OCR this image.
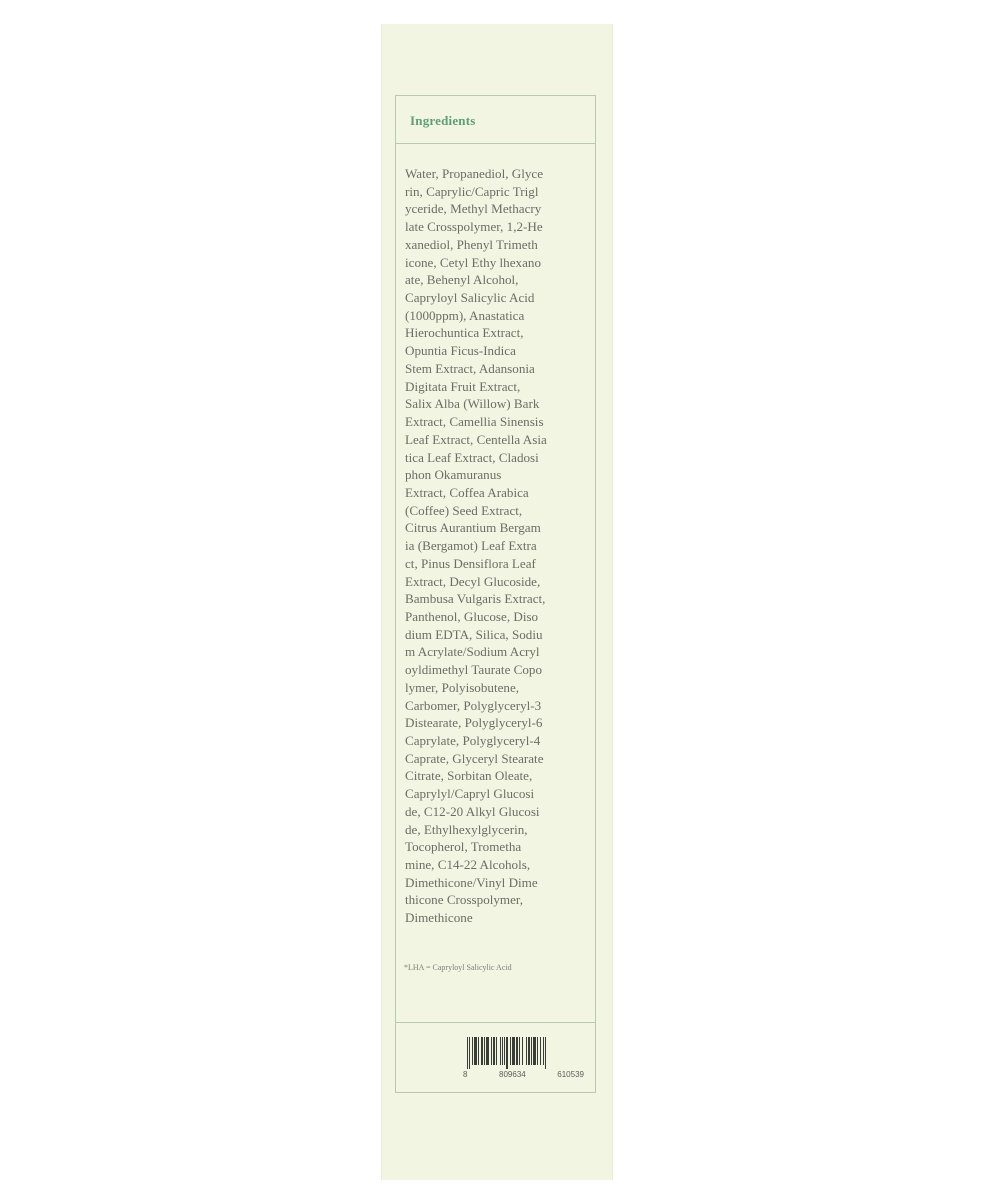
Ingredients

Water, Propanediol, Glyce
rin, Caprylic/Capric Trigl
yceride, Methyl Methacry
late Crosspolymer, 1,2-He
xanediol, Phenyl Trimeth
icone, Cetyl Ethy lhexano
ate, Behenyl Alcohol,
Capryloyl Salicylic Acid
(1000ppm), Anastatica
Hierochuntica Extract,
Opuntia Ficus-Indica
Stem Extract, Adansonia
Digitata Fruit Extract,
Salix Alba (Willow) Bark
Extract, Camellia Sinensis
Leaf Extract, Centella Asia
tica Leaf Extract, Cladosi
phon Okamuranus
Extract, Coffea Arabica
(Coffee) Seed Extract,
Citrus Aurantium Bergam
ia (Bergamot) Leaf Extra
ct, Pinus Densiflora Leaf
Extract, Decyl Glucoside,
Bambusa Vulgaris Extract,
Panthenol, Glucose, Diso
dium EDTA, Silica, Sodiu
m Acrylate/Sodium Acryl
oyldimethyl Taurate Copo
lymer, Polyisobutene,
Carbomer, Polyglyceryl-3
Distearate, Polyglyceryl-6
Caprylate, Polyglyceryl-4
Caprate, Glyceryl Stearate
Citrate, Sorbitan Oleate,
Caprylyl/Capryl Glucosi
de, C12-20 Alkyl Glucosi
de, Ethylhexylglycerin,
Tocopherol, Trometha
mine, C14-22 Alcohols,
Dimethicone/Vinyl Dime
thicone Crosspolymer,
Dimethicone

*LHA = Capryloyl Salicylic Acid
8	809634	610539
